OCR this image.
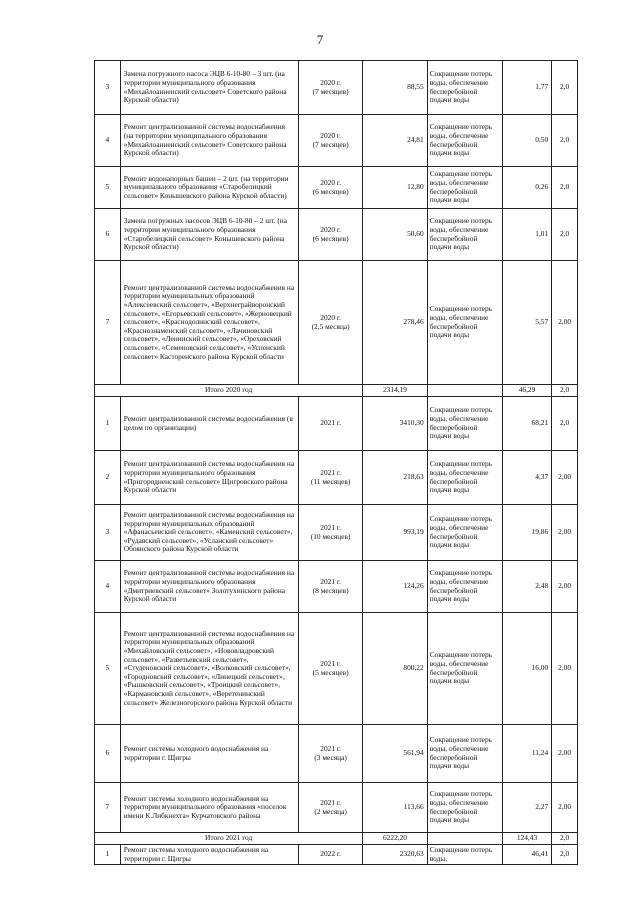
7
3	Замена погружного насоса ЭЦВ 6-10-80 – 3 шт. (на территории муниципального образования «Михайлоанненский сельсовет» Советского района Курской области)	2020 г.
(7 месяцев)	88,55	Сокращение потерь воды, обеспечение бесперебойной подачи воды	1,77	2,0
4	Ремонт централизованной системы водоснабжения (на территории муниципального образования «Михайлоанненский сельсовет» Советского района Курской области)	2020 г.
(7 месяцев)	24,81	Сокращение потерь воды, обеспечение бесперебойной подачи воды	0,50	2,0
5	Ремонт водонапорных башен – 2 шт. (на территории муниципального образования «Старобелицкий сельсовет» Конышевского района Курской области)	2020 г.
(6 месяцев)	12,80	Сокращение потерь воды, обеспечение бесперебойной подачи воды	0,26	2,0
6	Замена погружных насосов ЭЦВ 6-10-80 – 2 шт. (на территории муниципального образования «Старобелицкий сельсовет» Конышевского района Курской области)	2020 г.
(6 месяцев)	50,60	Сокращение потерь воды, обеспечение бесперебойной подачи воды	1,01	2,0
7	Ремонт централизованной системы водоснабжения на территории муниципальных образований «Алексеевский сельсовет», «Верхнеграйворонский сельсовет», «Егорьевский сельсовет», «Жерновецкий сельсовет», «Краснодолинский сельсовет», «Краснознаменский сельсовет», «Лачиновский сельсовет», «Ленинский сельсовет», «Ореховский сельсовет», «Семеновский сельсовет», «Успенский сельсовет» Касторенского района Курской области	2020 г.
(2,5 месяца)	278,46	Сокращение потерь воды, обеспечение бесперебойной подачи воды	5,57	2,00
Итого 2020 год			2314,19		46,29	2,0
1	Ремонт централизованной системы водоснабжения (в целом по организации)	2021 г.	3410,30	Сокращение потерь воды, обеспечение бесперебойной подачи воды	68,21	2,0
2	Ремонт централизованной системы водоснабжения на территории муниципального образования «Пригородненский сельсовет» Щигровского района Курской области	2021 г.
(11 месяцев)	218,63	Сокращение потерь воды, обеспечение бесперебойной подачи воды	4,37	2,00
3	Ремонт централизованной системы водоснабжения на территории муниципальных образований «Афанасьевский сельсовет», «Каменский сельсовет», «Рудавский сельсовет», «Усланский сельсовет» Обоянского района Курской области	2021 г.
(10 месяцев)	993,19	Сокращение потерь воды, обеспечение бесперебойной подачи воды	19,86	2,00
4	Ремонт централизованной системы водоснабжения на территории муниципального образования «Дмитриевский сельсовет» Золотухинского района Курской области	2021 г.
(8 месяцев)	124,26	Сокращение потерь воды, обеспечение бесперебойной подачи воды	2,48	2,00
5	Ремонт централизованной системы водоснабжения на территории муниципальных образований «Михайловский сельсовет», «Нововладровский сельсовет», «Разветьевский сельсовет», «Студеновский сельсовет», «Волковский сельсовет», «Городновский сельсовет», «Линецкий сельсовет», «Рышковский сельсовет», «Троицкий сельсовет», «Кармановский сельсовет», «Веретенинский сельсовет» Железногорского района Курской области	2021 г.
(5 месяцев)	800,22	Сокращение потерь воды, обеспечение бесперебойной подачи воды	16,00	2,00
6	Ремонт системы холодного водоснабжения на территории г. Щигры	2021 г.
(3 месяца)	561,94	Сокращение потерь воды, обеспечение бесперебойной подачи воды	11,24	2,00
7	Ремонт системы холодного водоснабжения на территории муниципального образования «поселок имени К.Либкнехта» Курчатовского района	2021 г.
(2 месяца)	113,66	Сокращение потерь воды, обеспечение бесперебойной подачи воды	2,27	2,00
Итого 2021 год			6222,20		124,43	2,0
1	Ремонт системы холодного водоснабжения на территории г. Щигры	2022 г.	2320,63	Сокращение потерь воды,	46,41	2,0
